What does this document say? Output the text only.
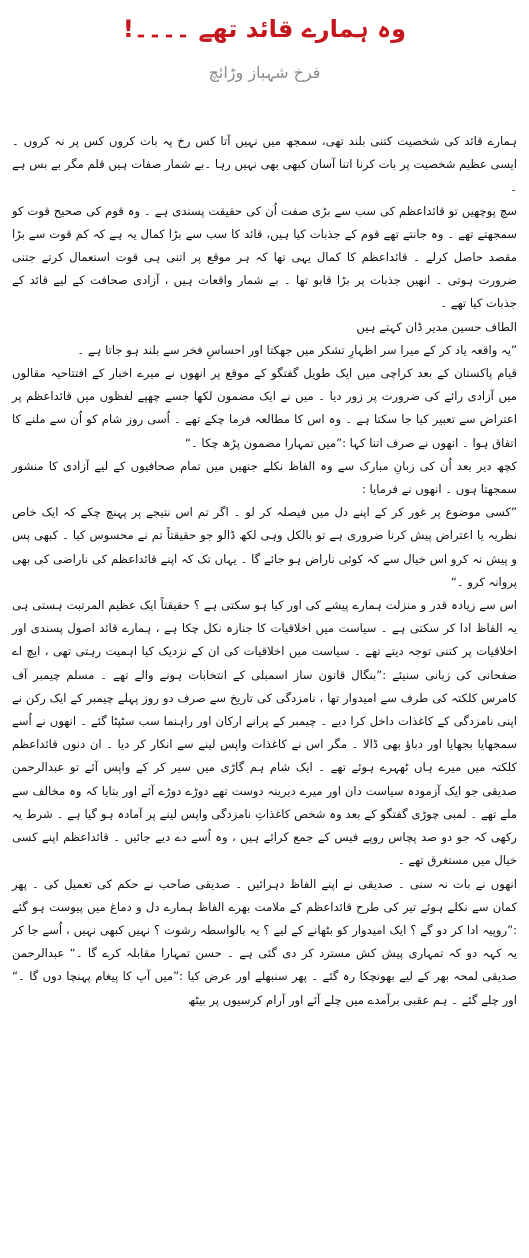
وہ ہمارے قائد تھے ۔۔۔۔!
فرخ شہباز وڑائچ

ہمارے قائد کی شخصیت کتنی بلند تھی، سمجھ میں نہیں آتا کس رخ پہ بات کروں کس پر نہ کروں ۔ایسی عظیم شخصیت پر بات کرنا اتنا آسان کبھی بھی نہیں رہا ۔بے شمار صفات ہیں قلم مگر بے بس ہے ۔

سچ پوچھیں تو قائداعظم کی سب سے بڑی صفت اُن کی حقیقت پسندی ہے ۔ وہ قوم کی صحیح قوت کو سمجھتے تھے ۔ وہ جانتے تھے قوم کے جذبات کیا ہیں، قائد کا سب سے بڑا کمال یہ ہے کہ کم قوت سے بڑا مقصد حاصل کرلے ۔ قائداعظم کا کمال یہی تھا کہ ہر موقع پر اتنی ہی قوت استعمال کرتے جتنی ضرورت ہوتی ۔ انھیں جذبات پر بڑا قابو تھا ۔ بے شمار واقعات ہیں ، آزادی صحافت کے لیے قائد کے جذبات کیا تھے ۔

الطاف حسین مدیر ڈان کہتے ہیں

”یہ واقعہ یاد کر کے میرا سر اظہارِ تشکر میں جھکتا اور احساسِ فخر سے بلند ہو جاتا ہے ۔

قیام پاکستان کے بعد کراچی میں ایک طویل گفتگو کے موقع پر انھوں نے میرے اخبار کے افتتاحیہ مقالوں میں آزادی رائے کی ضرورت پر زور دیا ۔ میں نے ایک مضمون لکھا جسے چھپے لفظوں میں قائداعظم پر اعتراض سے تعبیر کیا جا سکتا ہے ۔ وہ اس کا مطالعہ فرما چکے تھے ۔ اُسی روز شام کو اُن سے ملنے کا اتفاق ہوا ۔ انھوں نے صرف اتنا کہا :”میں تمہارا مضمون پڑھ چکا ۔“

کچھ دیر بعد اُن کی زبانِ مبارک سے وہ الفاظ نکلے جنھیں میں تمام صحافیوں کے لیے آزادی کا منشور سمجھتا ہوں ۔ انھوں نے فرمایا :

”کسی موضوع پر غور کر کے اپنے دل میں فیصلہ کر لو ۔ اگر تم اس نتیجے پر پہنچ چکے کہ ایک خاص نظریہ یا اعتراض پیش کرنا ضروری ہے تو بالکل وہی لکھ ڈالو جو حقیقتاً تم نے محسوس کیا ۔ کبھی پس و پیش نہ کرو اس خیال سے کہ کوئی ناراض ہو جائے گا ۔ یہاں تک کہ اپنے قائداعظم کی ناراضی کی بھی پروانہ کرو ۔“

اس سے زیادہ قدر و منزلت ہمارے پیشے کی اور کیا ہو سکتی ہے ؟ حقیقتاً ایک عظیم المرتبت ہستی ہی یہ الفاظ ادا کر سکتی ہے ۔ سیاست میں اخلاقیات کا جنازہ نکل چکا ہے ، ہمارے قائد اصول پسندی اور اخلاقیات پر کتنی توجہ دیتے تھے ۔ سیاست میں اخلاقیات کی ان کے نزدیک کیا اہمیت رہتی تھی ، ایچ اے صفحانی کی زبانی سنیئے :”بنگال قانون ساز اسمبلی کے انتخابات ہونے والے تھے ۔ مسلم چیمبر آف کامرس کلکتہ کی طرف سے امیدوار تھا ، نامزدگی کی تاریخ سے صرف دو روز پہلے چیمبر کے ایک رکن نے اپنی نامزدگی کے کاغذات داخل کرا دیے ۔ چیمبر کے پرانے ارکان اور راہنما سب سٹپٹا گئے ۔ انھوں نے اُسے سمجھایا بجھایا اور دباؤ بھی ڈالا ۔ مگر اس نے کاغذات واپس لینے سے انکار کر دیا ۔ ان دنوں قائداعظم کلکتہ میں میرے ہاں ٹھہرے ہوئے تھے ۔ ایک شام ہم گاڑی میں سیر کر کے واپس آئے تو عبدالرحمن صدیقی جو ایک آزمودہ سیاست دان اور میرے دیرینہ دوست تھے دوڑے دوڑے آئے اور بتایا کہ وہ مخالف سے ملے تھے ۔ لمبی چوڑی گفتگو کے بعد وہ شخص کاغذاتِ نامزدگی واپس لینے پر آمادہ ہو گیا ہے ۔ شرط یہ رکھی کہ جو دو صد پچاس روپے فیس کے جمع کرائے ہیں ، وہ اُسے دے دیے جائیں ۔ قائداعظم اپنے کسی خیال میں مستغرق تھے ۔

انھوں نے بات نہ سنی ۔ صدیقی نے اپنے الفاظ دہرائیں ۔ صدیقی صاحب نے حکم کی تعمیل کی ۔ پھر کمان سے نکلے ہوئے تیر کی طرح قائداعظم کے ملامت بھرے الفاظ ہمارے دل و دماغ میں پیوست ہو گئے :”روپیہ ادا کر دو گے ؟ ایک امیدوار کو بٹھانے کے لیے ؟ یہ بالواسطہ رشوت ؟ نہیں کبھی نہیں ، اُسے جا کر یہ کہہ دو کہ تمہاری پیش کش مسترد کر دی گئی ہے ۔ حسن تمہارا مقابلہ کرے گا ۔“ عبدالرحمن صدیقی لمحہ بھر کے لیے بھونچکا رہ گئے ۔ پھر سنبھلے اور عرض کیا :”میں آپ کا پیغام پہنچا دوں گا ۔“ اور چلے گئے ۔ ہم عقبی برآمدے میں چلے آئے اور آرام کرسیوں پر بیٹھ
